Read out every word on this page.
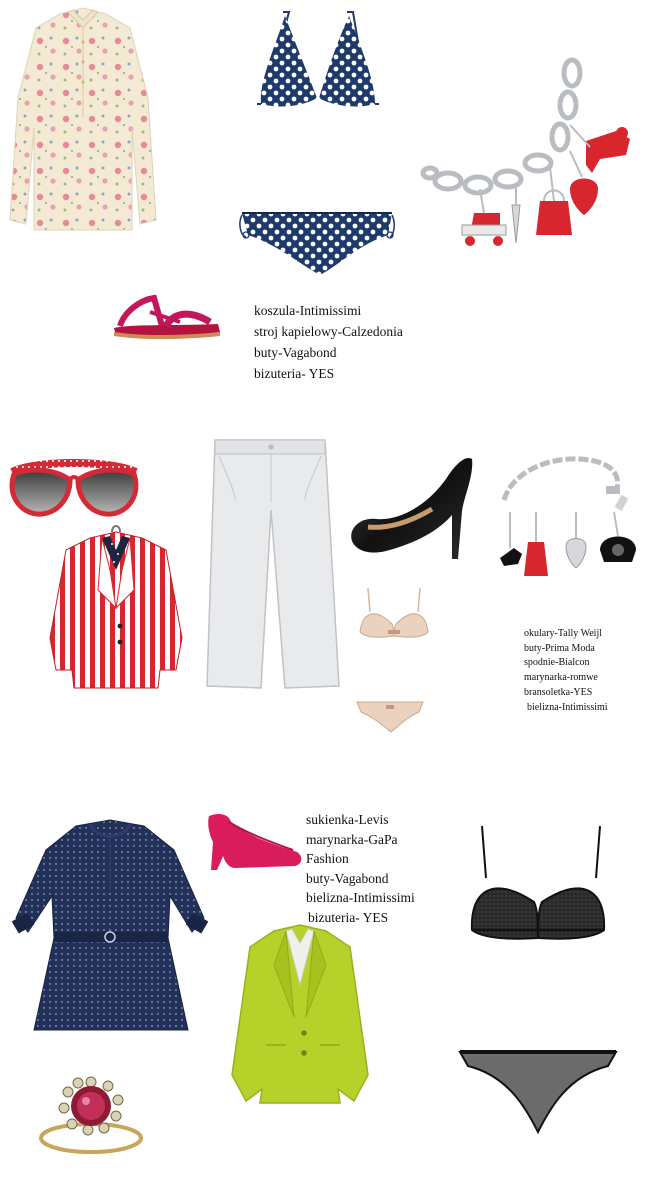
koszula-Intimissimi
stroj kapielowy-Calzedonia
buty-Vagabond
bizuteria- YES
okulary-Tally Weijl
buty-Prima Moda
spodnie-Bialcon
marynarka-romwe
bransoletka-YES
bielizna-Intimissimi
sukienka-Levis
marynarka-GaPa
Fashion
buty-Vagabond
bielizna-Intimissimi
bizuteria- YES
